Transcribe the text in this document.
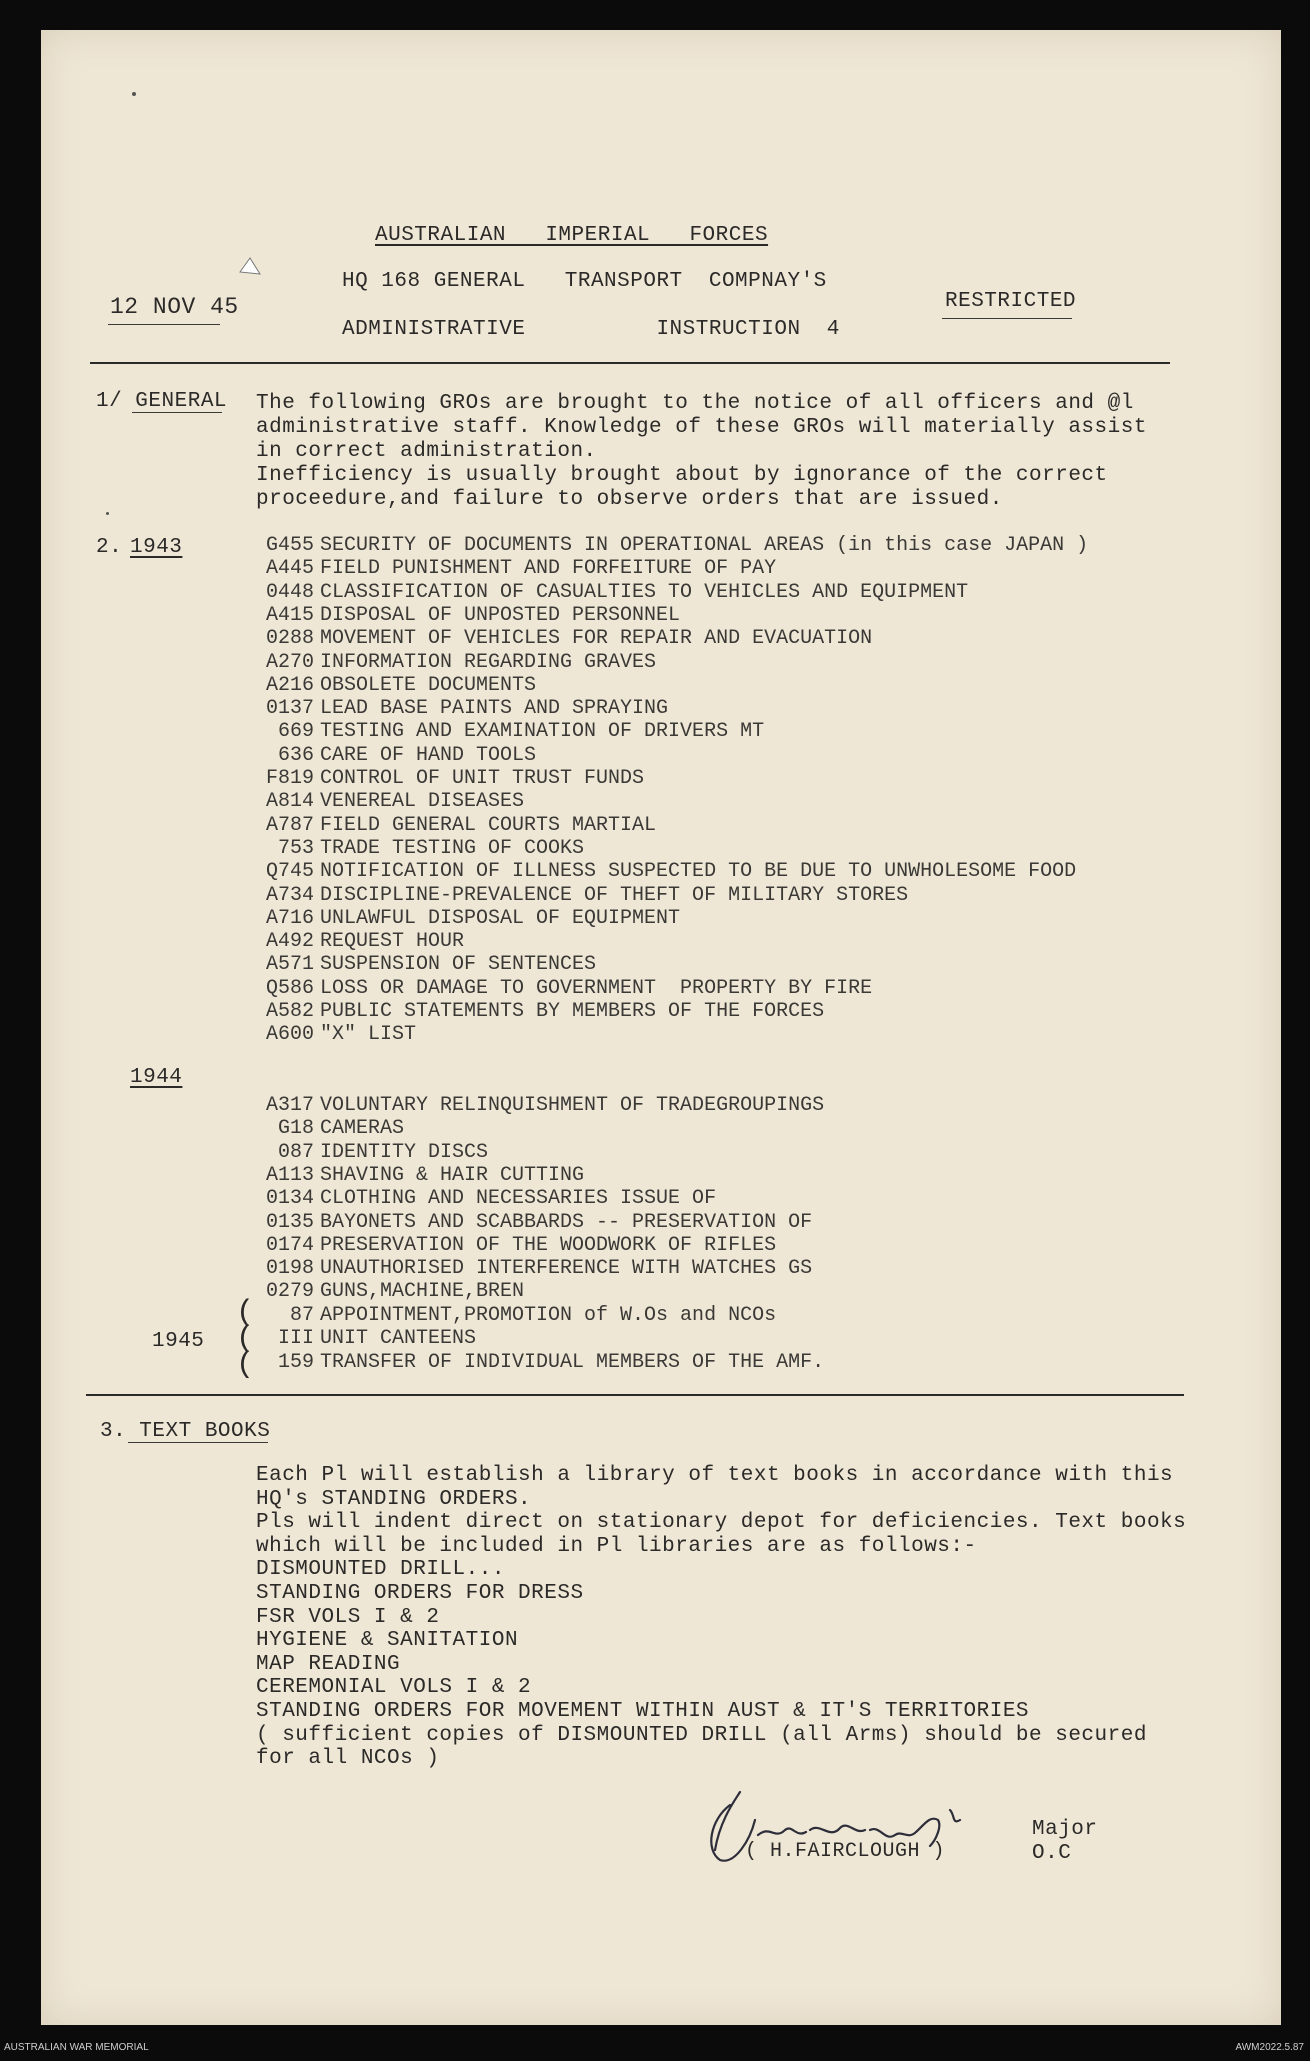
AUSTRALIAN   IMPERIAL   FORCES
HQ 168 GENERAL   TRANSPORT  COMPNAY'S
ADMINISTRATIVE          INSTRUCTION  4
12 NOV 45	RESTRICTED
1/ GENERAL The following GROs are brought to the notice of all officers and @l
administrative staff. Knowledge of these GROs will materially assist
in correct administration.
Inefficiency is usually brought about by ignorance of the correct
proceedure,and failure to observe orders that are issued.
2. 1943	G455 SECURITY OF DOCUMENTS IN OPERATIONAL AREAS (in this case JAPAN )
A445 FIELD PUNISHMENT AND FORFEITURE OF PAY
0448 CLASSIFICATION OF CASUALTIES TO VEHICLES AND EQUIPMENT
A415 DISPOSAL OF UNPOSTED PERSONNEL
0288 MOVEMENT OF VEHICLES FOR REPAIR AND EVACUATION
A270 INFORMATION REGARDING GRAVES
A216 OBSOLETE DOCUMENTS
0137 LEAD BASE PAINTS AND SPRAYING
669 TESTING AND EXAMINATION OF DRIVERS MT
636 CARE OF HAND TOOLS
F819 CONTROL OF UNIT TRUST FUNDS
A814 VENEREAL DISEASES
A787 FIELD GENERAL COURTS MARTIAL
753 TRADE TESTING OF COOKS
Q745 NOTIFICATION OF ILLNESS SUSPECTED TO BE DUE TO UNWHOLESOME FOOD
A734 DISCIPLINE-PREVALENCE OF THEFT OF MILITARY STORES
A716 UNLAWFUL DISPOSAL OF EQUIPMENT
A492 REQUEST HOUR
A571 SUSPENSION OF SENTENCES
Q586 LOSS OR DAMAGE TO GOVERNMENT  PROPERTY BY FIRE
A582 PUBLIC STATEMENTS BY MEMBERS OF THE FORCES
A600 "X" LIST
1944
A317 VOLUNTARY RELINQUISHMENT OF TRADEGROUPINGS
G18 CAMERAS
087 IDENTITY DISCS
A113 SHAVING & HAIR CUTTING
0134 CLOTHING AND NECESSARIES ISSUE OF
0135 BAYONETS AND SCABBARDS -- PRESERVATION OF
0174 PRESERVATION OF THE WOODWORK OF RIFLES
0198 UNAUTHORISED INTERFERENCE WITH WATCHES GS
0279 GUNS,MACHINE,BREN
1945
(
(
(
87 APPOINTMENT,PROMOTION of W.Os and NCOs
III UNIT CANTEENS
159 TRANSFER OF INDIVIDUAL MEMBERS OF THE AMF.
3. TEXT BOOKS
Each Pl will establish a library of text books in accordance with this
HQ's STANDING ORDERS.
Pls will indent direct on stationary depot for deficiencies. Text books
which will be included in Pl libraries are as follows:-
DISMOUNTED DRILL...
STANDING ORDERS FOR DRESS
FSR VOLS I & 2
HYGIENE & SANITATION
MAP READING
CEREMONIAL VOLS I & 2
STANDING ORDERS FOR MOVEMENT WITHIN AUST & IT'S TERRITORIES
( sufficient copies of DISMOUNTED DRILL (all Arms) should be secured
for all NCOs )
( H.FAIRCLOUGH )
Major
O.C
AUSTRALIAN WAR MEMORIAL	AWM2022.5.87
